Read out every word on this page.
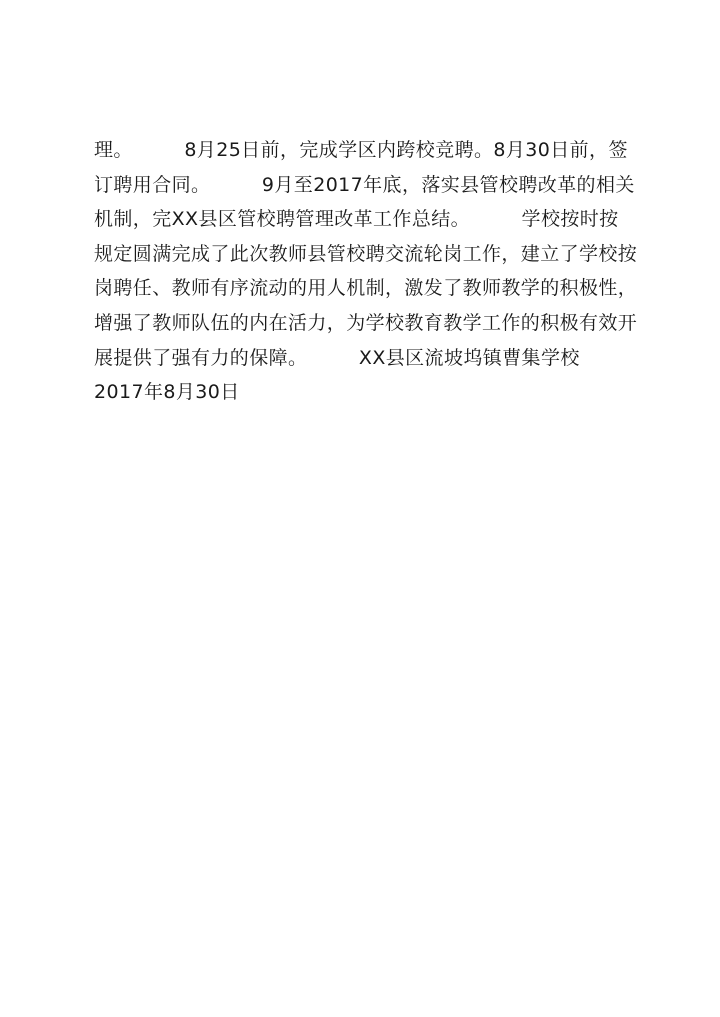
理。        8月25日前，完成学区内跨校竞聘。8月30日前，签
订聘用合同。        9月至2017年底，落实县管校聘改革的相关
机制，完XX县区管校聘管理改革工作总结。        学校按时按
规定圆满完成了此次教师县管校聘交流轮岗工作，建立了学校按
岗聘任、教师有序流动的用人机制，激发了教师教学的积极性，
增强了教师队伍的内在活力，为学校教育教学工作的积极有效开
展提供了强有力的保障。        XX县区流坡坞镇曹集学校
2017年8月30日
